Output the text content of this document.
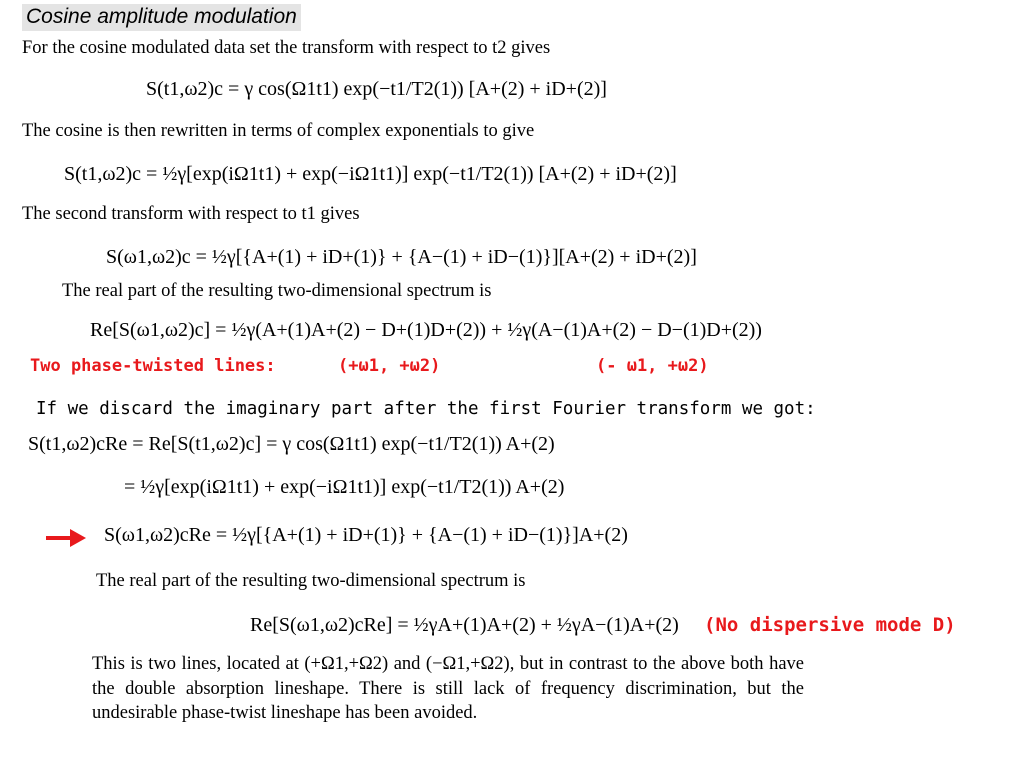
Cosine amplitude modulation
For the cosine modulated data set the transform with respect to t2 gives
S(t1,ω2)c = γ cos(Ω1t1) exp(−t1/T2(1)) [A+(2) + iD+(2)]
The cosine is then rewritten in terms of complex exponentials to give
S(t1,ω2)c = ½γ[exp(iΩ1t1) + exp(−iΩ1t1)] exp(−t1/T2(1)) [A+(2) + iD+(2)]
The second transform with respect to t1 gives
S(ω1,ω2)c = ½γ[{A+(1) + iD+(1)} + {A−(1) + iD−(1)}][A+(2) + iD+(2)]
The real part of the resulting two-dimensional spectrum is
Re[S(ω1,ω2)c] = ½γ(A+(1)A+(2) − D+(1)D+(2)) + ½γ(A−(1)A+(2) − D−(1)D+(2))
Two phase-twisted lines:	(+ω1, +ω2)	(- ω1, +ω2)
If we discard the imaginary part after the first Fourier transform we got:
S(t1,ω2)cRe = Re[S(t1,ω2)c] = γ cos(Ω1t1) exp(−t1/T2(1)) A+(2)
= ½γ[exp(iΩ1t1) + exp(−iΩ1t1)] exp(−t1/T2(1)) A+(2)
S(ω1,ω2)cRe = ½γ[{A+(1) + iD+(1)} + {A−(1) + iD−(1)}]A+(2)
The real part of the resulting two-dimensional spectrum is
Re[S(ω1,ω2)cRe] = ½γA+(1)A+(2) + ½γA−(1)A+(2) (No dispersive mode D)
This is two lines, located at (+Ω1,+Ω2) and (−Ω1,+Ω2), but in contrast to the above both have the double absorption lineshape. There is still lack of frequency discrimination, but the undesirable phase-twist lineshape has been avoided.
